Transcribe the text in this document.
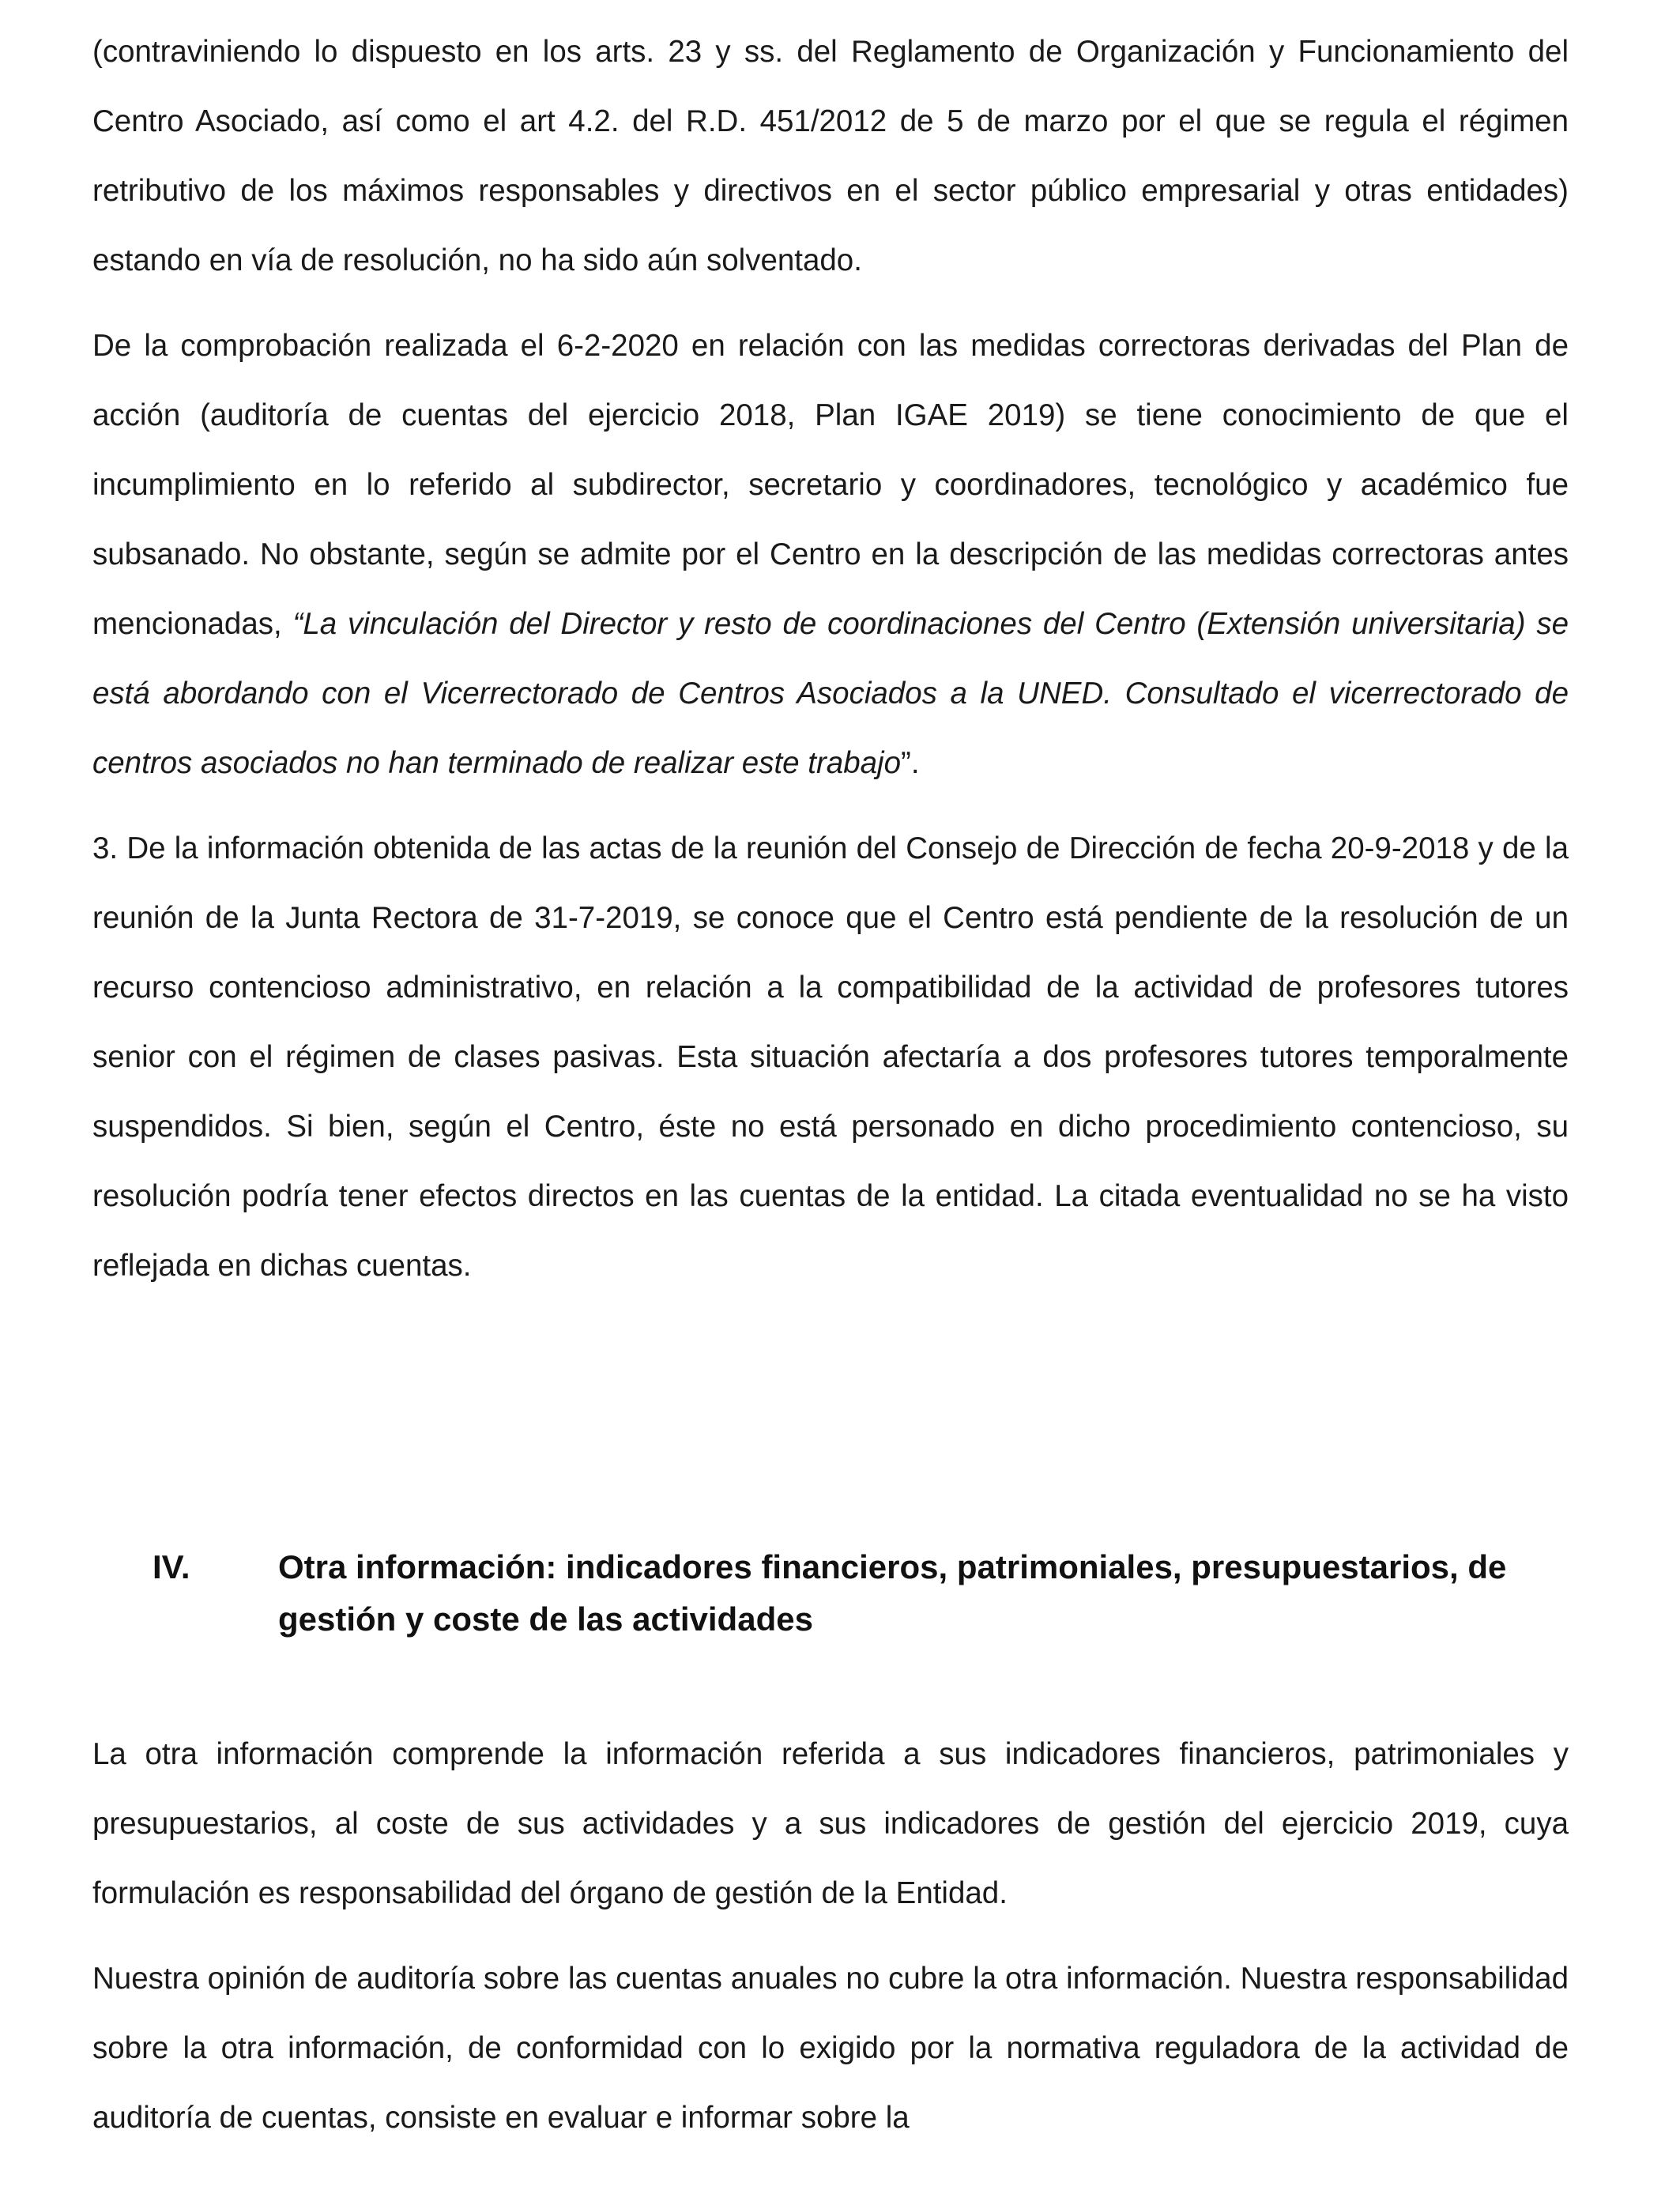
(contraviniendo lo dispuesto en los arts. 23 y ss. del Reglamento de Organización y Funcionamiento del Centro Asociado, así como el art 4.2. del R.D. 451/2012 de 5 de marzo por el que se regula el régimen retributivo de los máximos responsables y directivos en el sector público empresarial y otras entidades) estando en vía de resolución, no ha sido aún solventado.

De la comprobación realizada el 6-2-2020 en relación con las medidas correctoras derivadas del Plan de acción (auditoría de cuentas del ejercicio 2018, Plan IGAE 2019) se tiene conocimiento de que el incumplimiento en lo referido al subdirector, secretario y coordinadores, tecnológico y académico fue subsanado. No obstante, según se admite por el Centro en la descripción de las medidas correctoras antes mencionadas, “La vinculación del Director y resto de coordinaciones del Centro (Extensión universitaria) se está abordando con el Vicerrectorado de Centros Asociados a la UNED. Consultado el vicerrectorado de centros asociados no han terminado de realizar este trabajo”.

3. De la información obtenida de las actas de la reunión del Consejo de Dirección de fecha 20-9-2018 y de la reunión de la Junta Rectora de 31-7-2019, se conoce que el Centro está pendiente de la resolución de un recurso contencioso administrativo, en relación a la compatibilidad de la actividad de profesores tutores senior con el régimen de clases pasivas. Esta situación afectaría a dos profesores tutores temporalmente suspendidos. Si bien, según el Centro, éste no está personado en dicho procedimiento contencioso, su resolución podría tener efectos directos en las cuentas de la entidad. La citada eventualidad no se ha visto reflejada en dichas cuentas.

IV.	Otra información: indicadores financieros, patrimoniales, presupuestarios, de gestión y coste de las actividades

La otra información comprende la información referida a sus indicadores financieros, patrimoniales y presupuestarios, al coste de sus actividades y a sus indicadores de gestión del ejercicio 2019, cuya formulación es responsabilidad del órgano de gestión de la Entidad.

Nuestra opinión de auditoría sobre las cuentas anuales no cubre la otra información. Nuestra responsabilidad sobre la otra información, de conformidad con lo exigido por la normativa reguladora de la actividad de auditoría de cuentas, consiste en evaluar e informar sobre la
